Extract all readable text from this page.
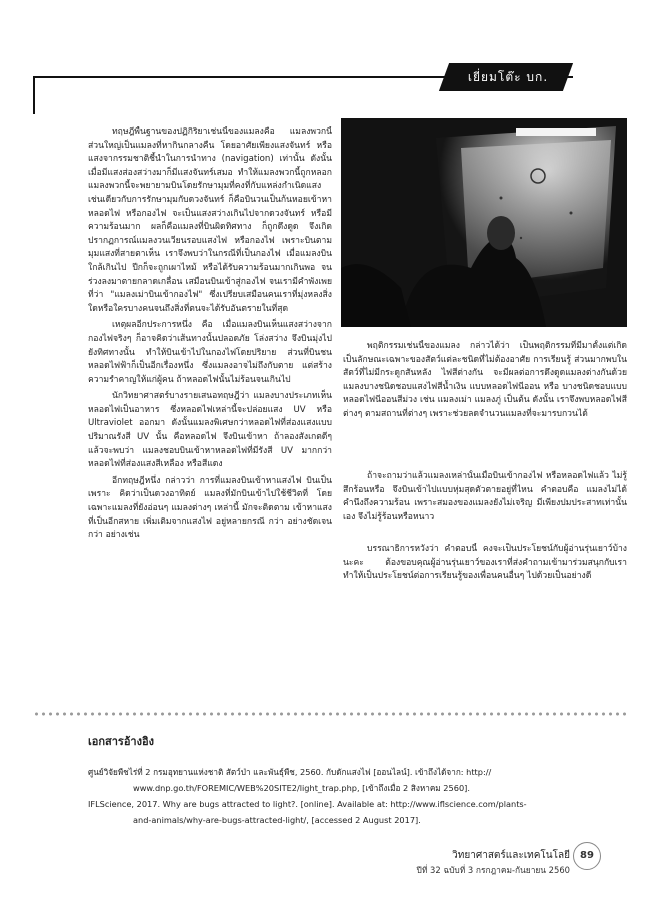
เยี่ยมโต๊ะ บก.

ทฤษฎีพื้นฐานของปฏิกิริยาเช่นนี้ของแมลงคือ แมลงพวกนี้ส่วนใหญ่เป็นแมลงที่หากินกลางคืน โดยอาศัยเพียงแสงจันทร์ หรือแสงจากรรมชาติชี้นำในการนำทาง (navigation) เท่านั้น ดังนั้น เมื่อมีแสงส่องสว่างมาก็มีแสงจันทร์เสมอ ทำให้แมลงพวกนี้ถูกหลอก แมลงพวกนี้จะพยายามบินโดยรักษามุมที่คงที่กับแหล่งกำเนิดแสงเช่นเดียวกับการรักษามุมกับดวงจันทร์ ก็คือบินวนเป็นก้นหอยเข้าหาหลอดไฟ หรือกองไฟ จะเป็นแสงสว่างเกินไปจากดวงจันทร์ หรือมีความร้อนมาก ผลก็คือแมลงที่บินผิดทิศทาง ก็ถูกดึงดูด จึงเกิดปรากฏการณ์แมลงวนเวียนรอบแสงไฟ หรือกองไฟ เพราะบินตามมุมแสงที่สายตาเห็น เราจึงพบว่าในกรณีที่เป็นกองไฟ เมื่อแมลงบินใกล้เกินไป ปีกก็จะถูกเผาไหม้ หรือได้รับความร้อนมากเกินพอ จนร่วงลงมาตายกลาดเกลื่อน เสมือนบินเข้าสู่กองไฟ จนเรามีคำพังเพยที่ว่า "แมลงเม่าบินเข้ากองไฟ" ซึ่งเปรียบเสมือนคนเราที่มุ่งหลงสิ่งใดหรือใครบางคนจนถึงสิ่งที่ตนจะได้รับอันตรายในที่สุด

เหตุผลอีกประการหนึ่ง คือ เมื่อแมลงบินเห็นแสงสว่างจากกองไฟจริงๆ ก็อาจคิดว่าเส้นทางนั้นปลอดภัย โล่งสว่าง จึงบินมุ่งไปยังทิศทางนั้น ทำให้บินเข้าไปในกองไฟโดยปริยาย ส่วนที่บินชนหลอดไฟฟ้าก็เป็นอีกเรื่องหนึ่ง ซึ่งแมลงอาจไม่ถึงกับตาย แต่สร้างความรำคาญให้แก่ผู้คน ถ้าหลอดไฟนั้นไม่ร้อนจนเกินไป

นักวิทยาศาสตร์บางรายเสนอทฤษฎีว่า แมลงบางประเภทเห็นหลอดไฟเป็นอาหาร ซึ่งหลอดไฟเหล่านี้จะปล่อยแสง UV หรือ Ultraviolet ออกมา ดังนั้นแมลงพิเศษกว่าหลอดไฟที่ส่องแสงแบบปริมาณรังสี UV นั้น คือหลอดไฟ จึงบินเข้าหา ถ้าลองสังเกตดีๆ แล้วจะพบว่า แมลงชอบบินเข้าหาหลอดไฟที่มีรังสี UV มากกว่าหลอดไฟที่ส่องแสงสีเหลือง หรือสีแดง

อีกทฤษฎีหนึ่ง กล่าวว่า การที่แมลงบินเข้าหาแสงไฟ บินเป็นเพราะ คิดว่าเป็นดวงอาทิตย์ แมลงที่มักบินเข้าไปใช้ชีวิตที่ โดยเฉพาะแมลงที่ยังอ่อนๆ แมลงต่างๆ เหล่านี้ มักจะติดตาม เข้าหาแสงที่เป็นอีกสหาย เพิ่มเติมจากแสงไฟ อยู่หลายกรณี กว่า อย่างชัดเจนกว่า อย่างเช่น

พฤติกรรมเช่นนี้ของแมลง กล่าวได้ว่า เป็นพฤติกรรมที่มีมาตั้งแต่เกิด เป็นลักษณะเฉพาะของสัตว์แต่ละชนิดที่ไม่ต้องอาศัย การเรียนรู้ ส่วนมากพบในสัตว์ที่ไม่มีกระดูกสันหลัง ไฟสีต่างกัน จะมีผลต่อการดึงดูดแมลงต่างกันด้วย แมลงบางชนิดชอบแสงไฟสีน้ำเงิน แบบหลอดไฟนีออน หรือ บางชนิดชอบแบบหลอดไฟนีออนสีม่วง เช่น แมลงเม่า แมลงภู่ เป็นต้น ดังนั้น เราจึงพบหลอดไฟสีต่างๆ ตามสถานที่ต่างๆ เพราะช่วยลดจำนวนแมลงที่จะมารบกวนได้

ถ้าจะถามว่าแล้วแมลงเหล่านั้นเมื่อบินเข้ากองไฟ หรือหลอดไฟแล้ว ไม่รู้สึกร้อนหรือ จึงบินเข้าไปแบบหุ่มสุดตัวตายอยู่ที่ไหน คำตอบคือ แมลงไม่ได้คำนึงถึงความร้อน เพราะสมองของแมลงยังไม่เจริญ มีเพียงปมประสาทเท่านั้นเอง จึงไม่รู้ร้อนหรือหนาว

บรรณาธิการหวังว่า คำตอบนี้ คงจะเป็นประโยชน์กับผู้อ่านรุ่นเยาว์บ้างนะคะ ต้องขอบคุณผู้อ่านรุ่นเยาว์ของเราที่ส่งคำถามเข้ามาร่วมสนุกกับเรา ทำให้เป็นประโยชน์ต่อการเรียนรู้ของเพื่อนคนอื่นๆ ไปด้วยเป็นอย่างดี

เอกสารอ้างอิง
ศูนย์วิจัยพืชไร่ที่ 2 กรมอุทยานแห่งชาติ สัตว์ป่า และพันธุ์พืช, 2560. กับดักแสงไฟ [ออนไลน์]. เข้าถึงได้จาก: http://
www.dnp.go.th/FOREMIC/WEB%20SITE2/light_trap.php, [เข้าถึงเมื่อ 2 สิงหาคม 2560].
IFLScience, 2017. Why are bugs attracted to light?. [online]. Available at: http://www.iflscience.com/plants-
and-animals/why-are-bugs-attracted-light/, [accessed 2 August 2017].
วิทยาศาสตร์และเทคโนโลยี
ปีที่ 32 ฉบับที่ 3 กรกฎาคม-กันยายน 2560
89
